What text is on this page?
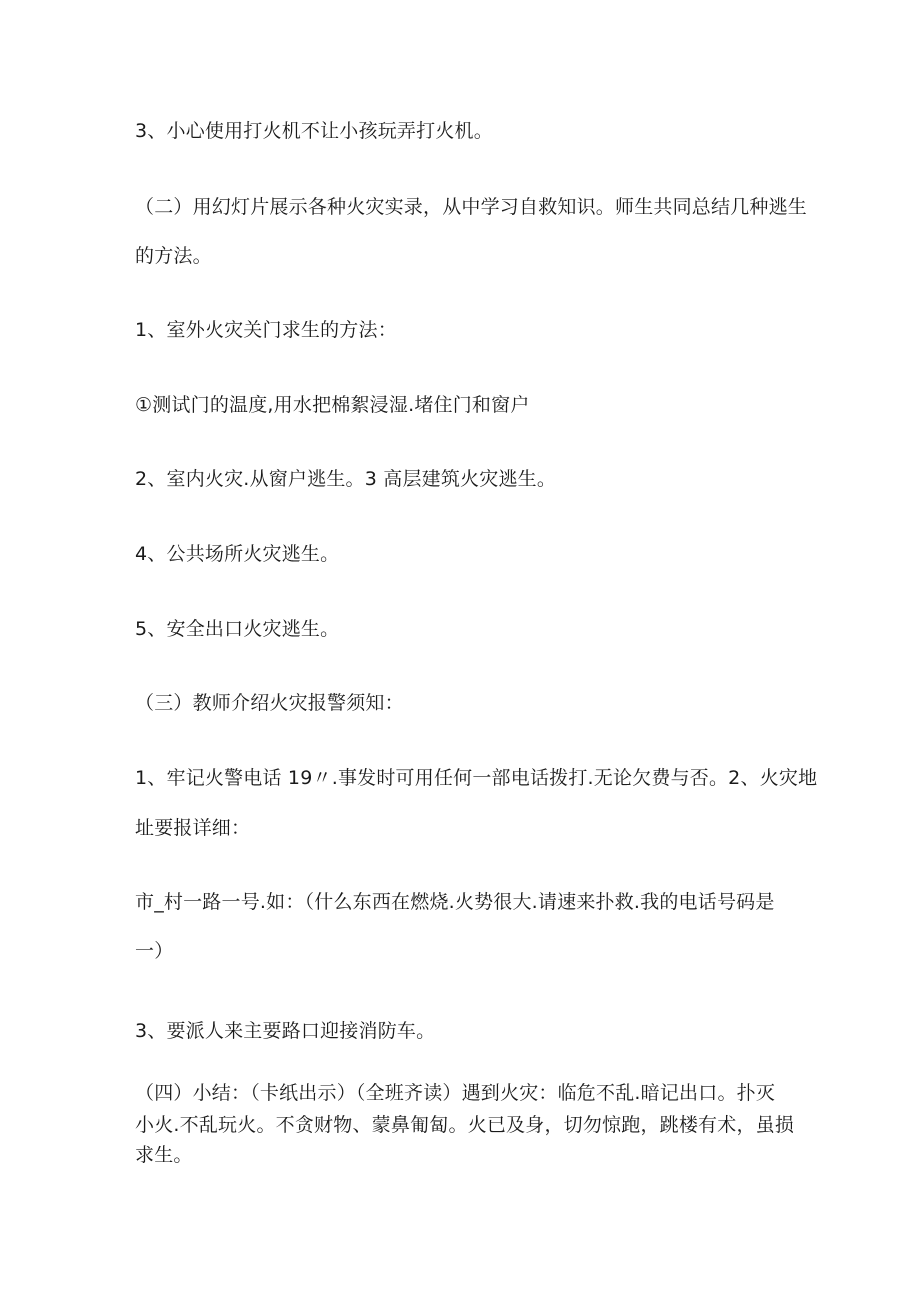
3、小心使用打火机不让小孩玩弄打火机。
（二）用幻灯片展示各种火灾实录，从中学习自救知识。师生共同总结几种逃生
的方法。
1、室外火灾关门求生的方法：
①测试门的温度,用水把棉絮浸湿.堵住门和窗户
2、室内火灾.从窗户逃生。3 高层建筑火灾逃生。
4、公共场所火灾逃生。
5、安全出口火灾逃生。
（三）教师介绍火灾报警须知：
1、牢记火警电话 19〃.事发时可用任何一部电话拨打.无论欠费与否。2、火灾地
址要报详细：
市_村一路一号.如：（什么东西在燃烧.火势很大.请速来扑救.我的电话号码是
一）
3、要派人来主要路口迎接消防车。
（四）小结：（卡纸出示）（全班齐读）遇到火灾：临危不乱.暗记出口。扑灭
小火.不乱玩火。不贪财物、蒙鼻匍匐。火已及身，切勿惊跑，跳楼有术，虽损
求生。
